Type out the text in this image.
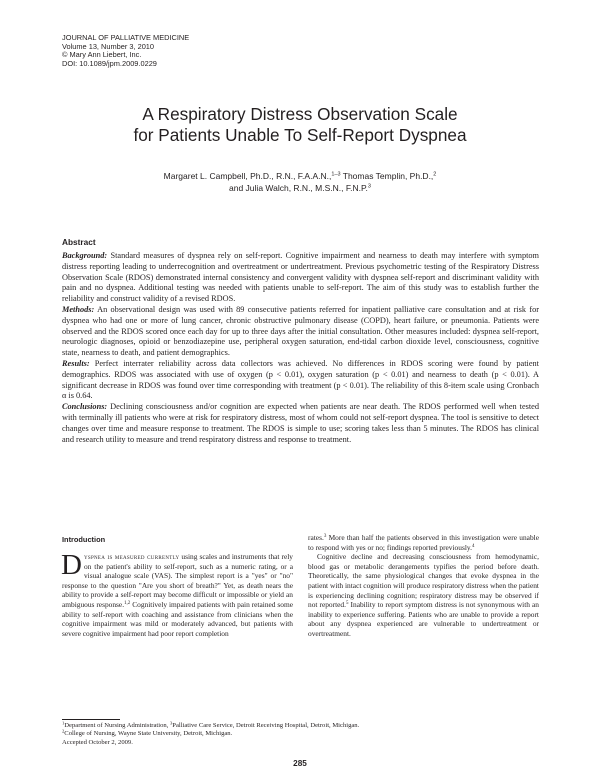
JOURNAL OF PALLIATIVE MEDICINE
Volume 13, Number 3, 2010
© Mary Ann Liebert, Inc.
DOI: 10.1089/jpm.2009.0229
A Respiratory Distress Observation Scale
for Patients Unable To Self-Report Dyspnea
Margaret L. Campbell, Ph.D., R.N., F.A.A.N.,$^{1-3}$ Thomas Templin, Ph.D.,$^2$
and Julia Walch, R.N., M.S.N., F.N.P.$^3$
Abstract

Background: Standard measures of dyspnea rely on self-report. Cognitive impairment and nearness to death may interfere with symptom distress reporting leading to underrecognition and overtreatment or undertreatment. Previous psychometric testing of the Respiratory Distress Observation Scale (RDOS) demonstrated internal consistency and convergent validity with dyspnea self-report and discriminant validity with pain and no dyspnea. Additional testing was needed with patients unable to self-report. The aim of this study was to establish further the reliability and construct validity of a revised RDOS.

Methods: An observational design was used with 89 consecutive patients referred for inpatient palliative care consultation and at risk for dyspnea who had one or more of lung cancer, chronic obstructive pulmonary disease (COPD), heart failure, or pneumonia. Patients were observed and the RDOS scored once each day for up to three days after the initial consultation. Other measures included: dyspnea self-report, neurologic diagnoses, opioid or benzodiazepine use, peripheral oxygen saturation, end-tidal carbon dioxide level, consciousness, cognitive state, nearness to death, and patient demographics.

Results: Perfect interrater reliability across data collectors was achieved. No differences in RDOS scoring were found by patient demographics. RDOS was associated with use of oxygen (p < 0.01), oxygen saturation (p < 0.01) and nearness to death (p < 0.01). A significant decrease in RDOS was found over time corresponding with treatment (p < 0.01). The reliability of this 8-item scale using Cronbach α is 0.64.

Conclusions: Declining consciousness and/or cognition are expected when patients are near death. The RDOS performed well when tested with terminally ill patients who were at risk for respiratory distress, most of whom could not self-report dyspnea. The tool is sensitive to detect changes over time and measure response to treatment. The RDOS is simple to use; scoring takes less than 5 minutes. The RDOS has clinical and research utility to measure and trend respiratory distress and response to treatment.

Introduction

Dyspnea is measured currently using scales and instruments that rely on the patient's ability to self-report, such as a numeric rating, or a visual analogue scale (VAS). The simplest report is a "yes" or "no" response to the question "Are you short of breath?" Yet, as death nears the ability to provide a self-report may become difficult or impossible or yield an ambiguous response.$^{1,2}$ Cognitively impaired patients with pain retained some ability to self-report with coaching and assistance from clinicians when the cognitive impairment was mild or moderately advanced, but patients with severe cognitive impairment had poor report completion

rates.$^3$ More than half the patients observed in this investigation were unable to respond with yes or no; findings reported previously.$^4$

Cognitive decline and decreasing consciousness from hemodynamic, blood gas or metabolic derangements typifies the period before death. Theoretically, the same physiological changes that evoke dyspnea in the patient with intact cognition will produce respiratory distress when the patient is experiencing declining cognition; respiratory distress may be observed if not reported.$^5$ Inability to report symptom distress is not synonymous with an inability to experience suffering. Patients who are unable to provide a report about any dyspnea experienced are vulnerable to undertreatment or overtreatment.

$^1$Department of Nursing Administration, $^3$Palliative Care Service, Detroit Receiving Hospital, Detroit, Michigan.
$^2$College of Nursing, Wayne State University, Detroit, Michigan.
Accepted October 2, 2009.
285
